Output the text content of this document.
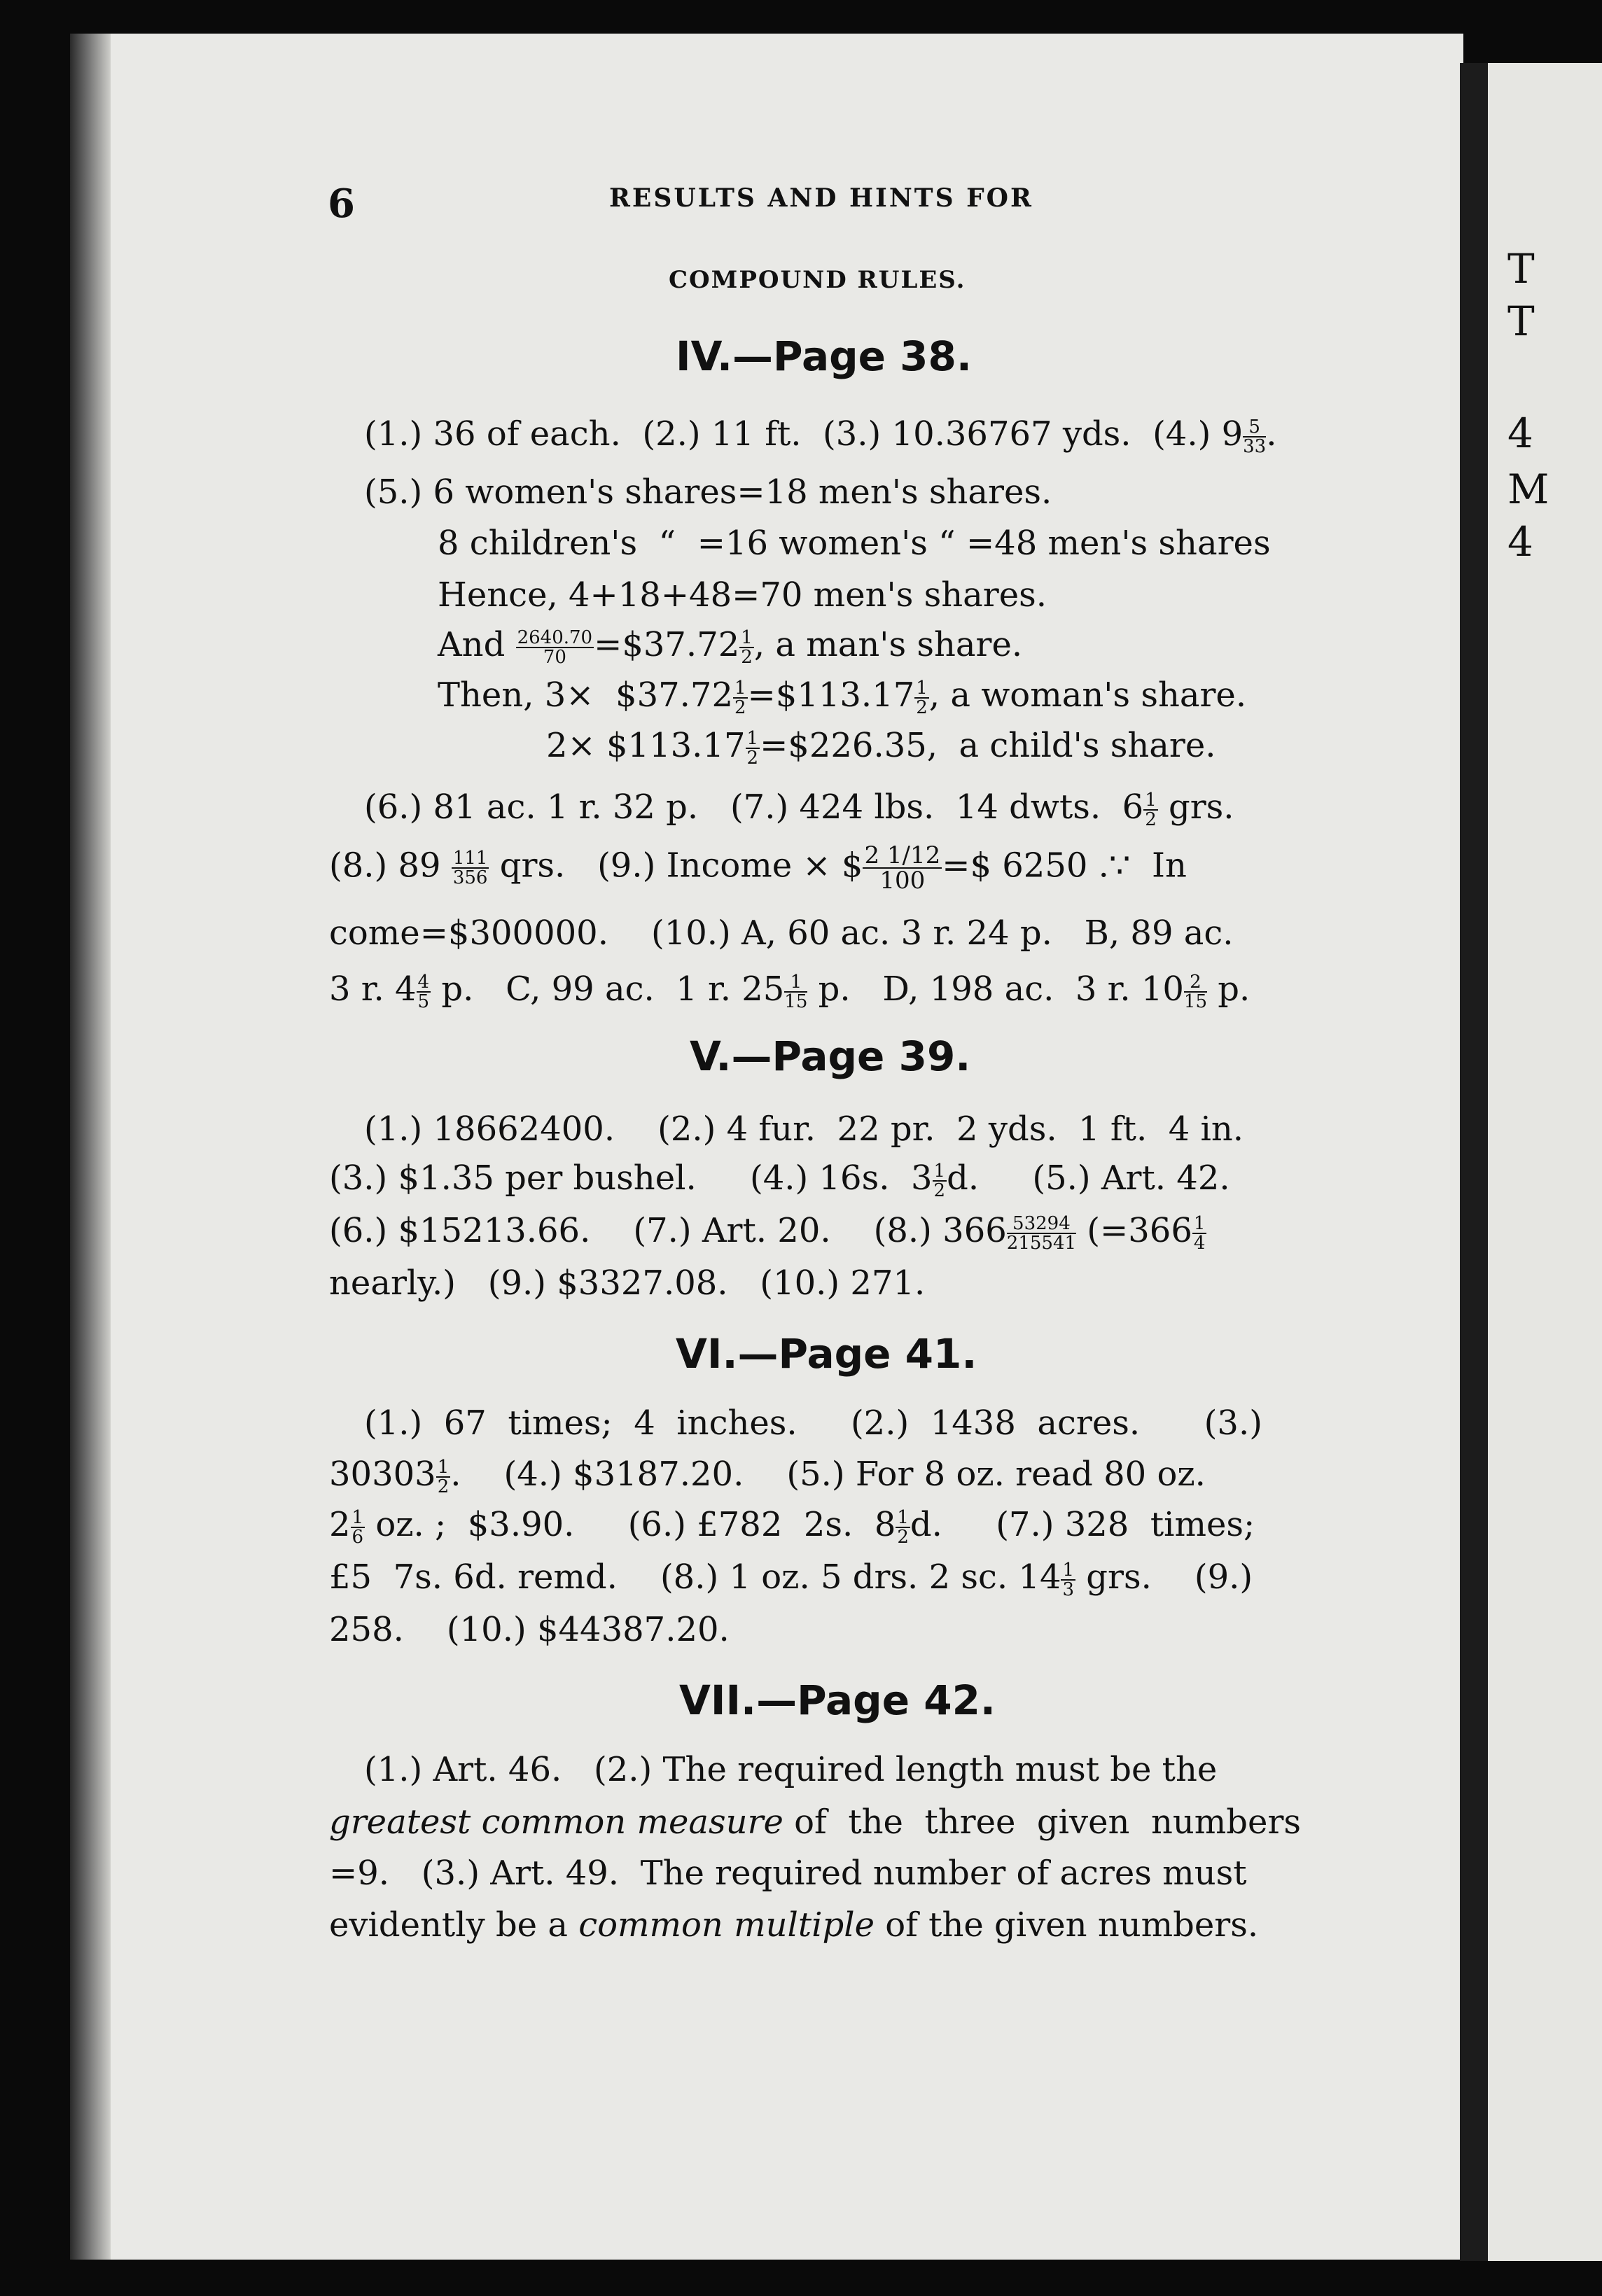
T
T
4
M
4
6	RESULTS AND HINTS FOR
COMPOUND RULES.
IV.—Page 38.
(1.) 36 of each.  (2.) 11 ft.  (3.) 10.36767 yds.  (4.) $9 \frac{5}{33}$ .
(5.) 6 women's shares=18 men's shares.
8 children's  “  =16 women's “ =48 men's shares
Hence, 4+18+48=70 men's shares.
And $\frac{2640.70}{70}$ =$37.72 $\frac{1}{2}$ , a man's share.
Then, 3×  $37.72 $\frac{1}{2}$ =$113.17 $\frac{1}{2}$ , a woman's share.
2× $113.17 $\frac{1}{2}$ =$226.35,  a child's share.
(6.) 81 ac. 1 r. 32 p.   (7.) 424 lbs.  14 dwts.  $6 \frac{1}{2}$ grs.
(8.) $89 \frac{111}{356}$ qrs.   (9.) Income × $ $\frac{2 1/12}{100}$ =$ 6250 .∵  In
come=$300000.    (10.) A, 60 ac. 3 r. 24 p.   B, 89 ac.
3 r. $4 \frac{4}{5} p$.   C, 99 ac.  1 r. $25 \frac{1}{15} p$.   D, 198 ac.  3 r. $10 \frac{2}{15} p$.
V.—Page 39.
(1.) 18662400.    (2.) 4 fur.  22 pr.  2 yds.  1 ft.  4 in.
(3.) $1.35 per bushel.     (4.) 16s.  $3 \frac{1}{2} d$.     (5.) Art. 42.
(6.) $15213.66.    (7.) Art. 20.    (8.) $366 \frac{53294}{215541} (=366 \frac{1}{4}$
nearly.)   (9.) $3327.08.   (10.) 271.
VI.—Page 41.
(1.)  67  times;  4  inches.     (2.)  1438  acres.      (3.)
$30303 \frac{1}{2}$ .    (4.) $3187.20.    (5.) For 8 oz. read 80 oz.
$2 \frac{1}{6}$ oz. ;  $3.90.     (6.) £782  2s.  $8 \frac{1}{2} d$.     (7.) 328  times;
£5  7s. 6d. remd.    (8.) 1 oz. 5 drs. 2 sc. $14 \frac{1}{3}$ grs.    (9.)
258.    (10.) $44387.20.
VII.—Page 42.
(1.) Art. 46.   (2.) The required length must be the
greatest common measure of  the  three  given  numbers
=9.   (3.) Art. 49.  The required number of acres must
evidently be a common multiple of the given numbers.
